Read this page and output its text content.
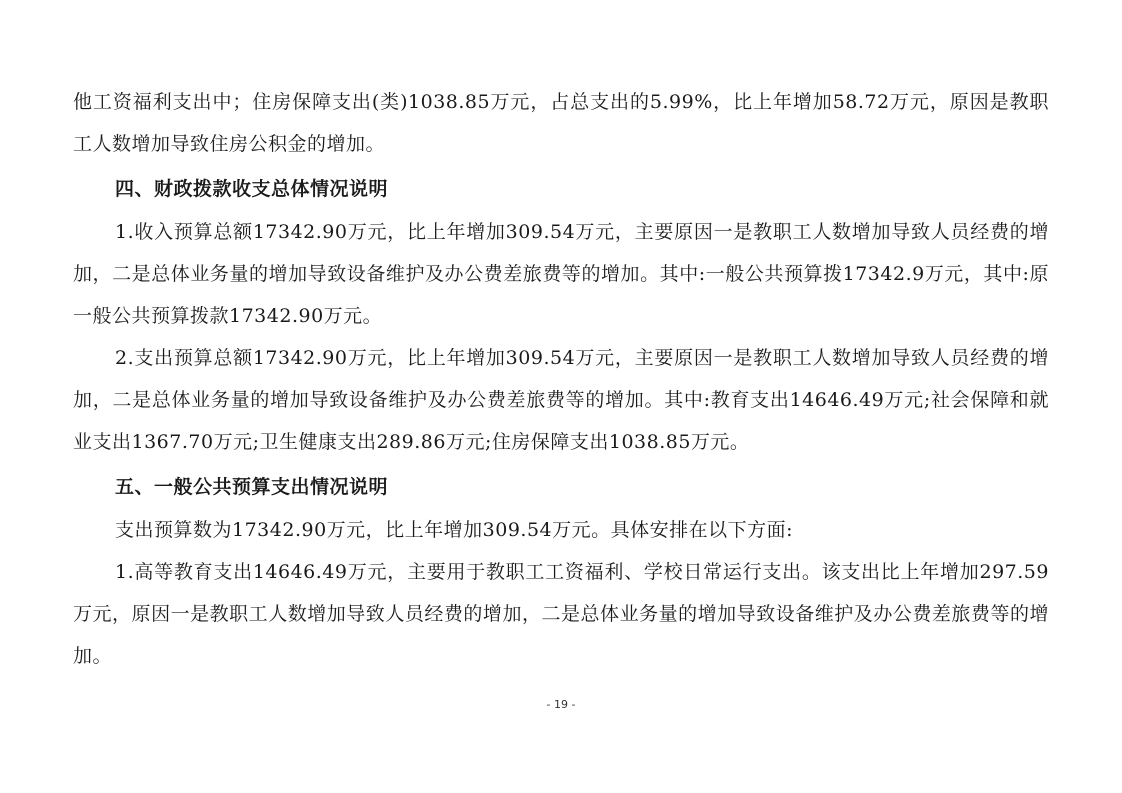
他工资福利支出中；住房保障支出(类)1038.85万元，占总支出的5.99%，比上年增加58.72万元，原因是教职工人数增加导致住房公积金的增加。

四、财政拨款收支总体情况说明

1.收入预算总额17342.90万元，比上年增加309.54万元，主要原因一是教职工人数增加导致人员经费的增加，二是总体业务量的增加导致设备维护及办公费差旅费等的增加。其中:一般公共预算拨17342.9万元，其中:原一般公共预算拨款17342.90万元。

2.支出预算总额17342.90万元，比上年增加309.54万元，主要原因一是教职工人数增加导致人员经费的增加，二是总体业务量的增加导致设备维护及办公费差旅费等的增加。其中:教育支出14646.49万元;社会保障和就业支出1367.70万元;卫生健康支出289.86万元;住房保障支出1038.85万元。

五、一般公共预算支出情况说明

支出预算数为17342.90万元，比上年增加309.54万元。具体安排在以下方面:

1.高等教育支出14646.49万元，主要用于教职工工资福利、学校日常运行支出。该支出比上年增加297.59万元，原因一是教职工人数增加导致人员经费的增加，二是总体业务量的增加导致设备维护及办公费差旅费等的增加。

- 19 -
